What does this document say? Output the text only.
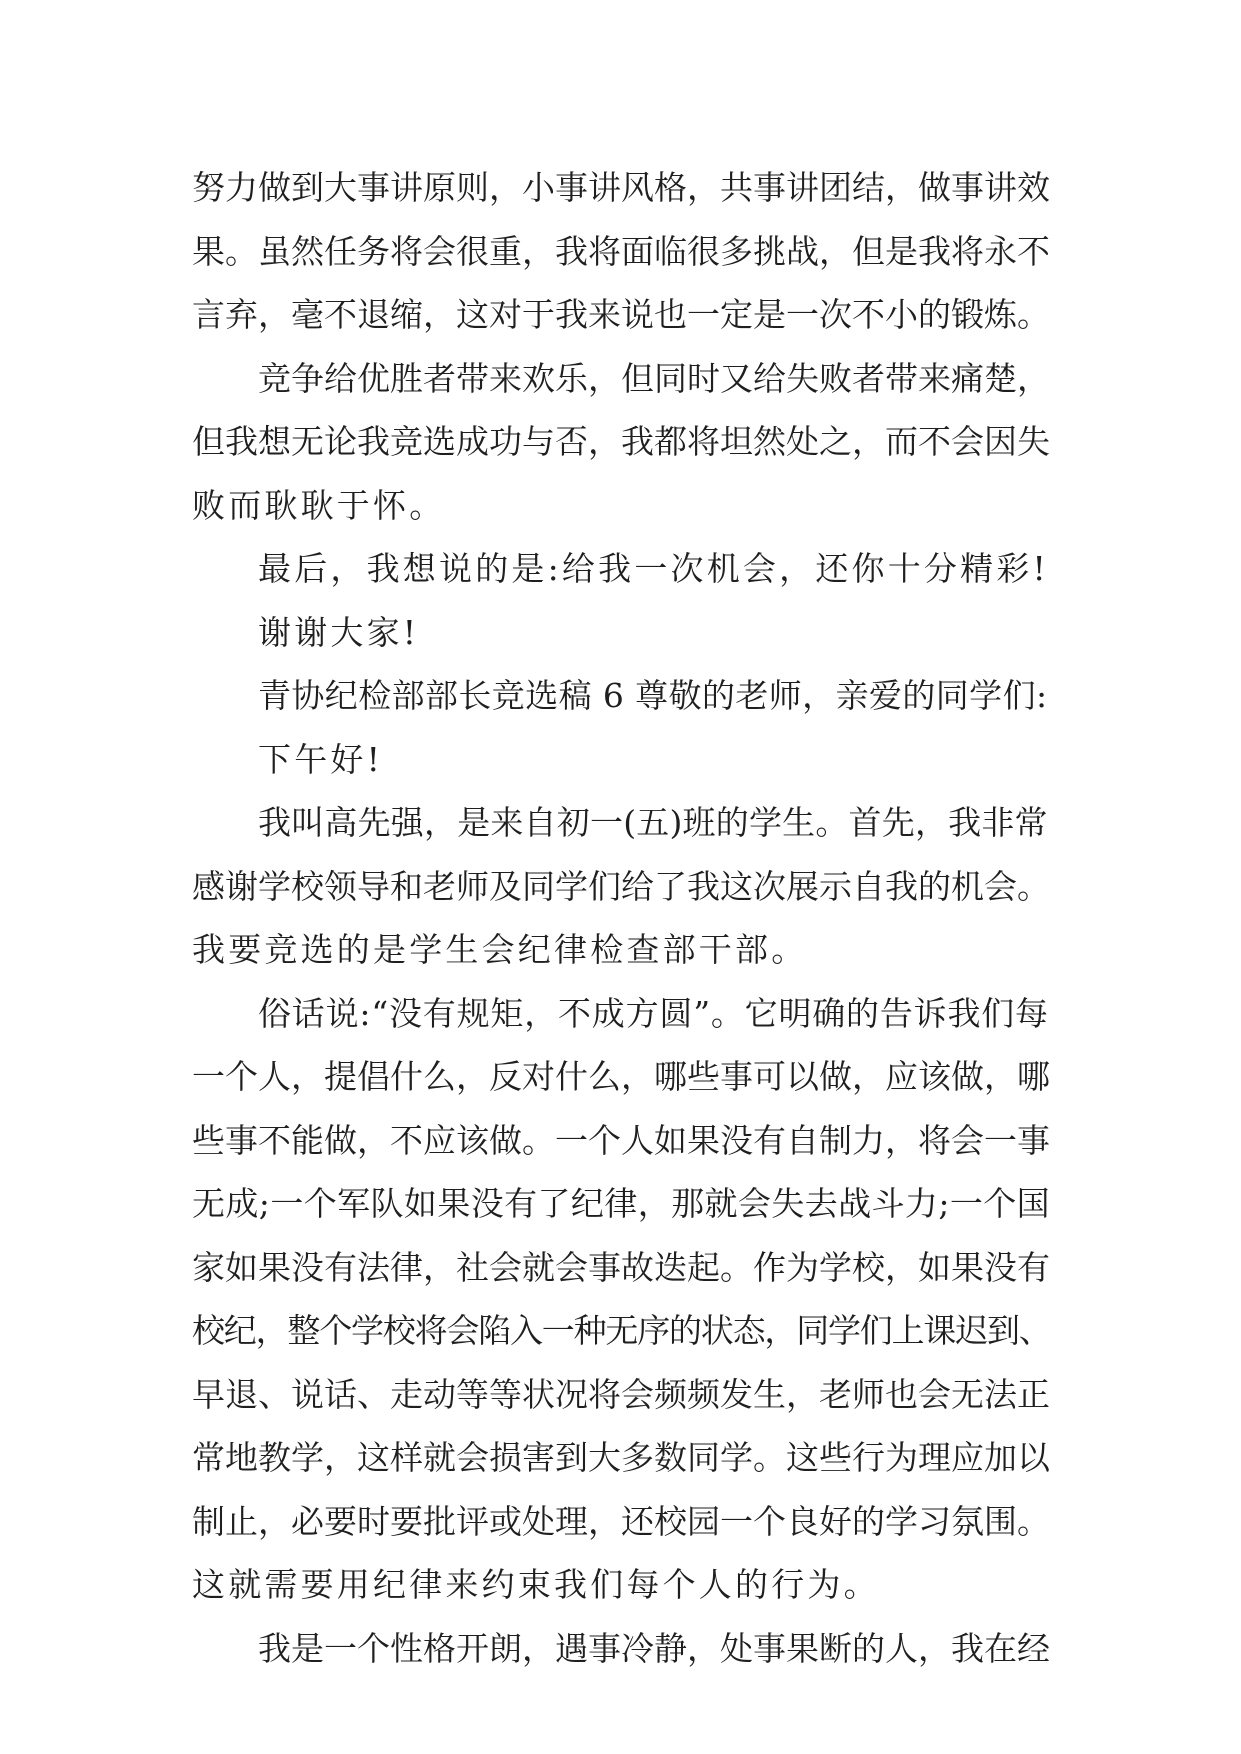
努力做到大事讲原则，小事讲风格，共事讲团结，做事讲效
果。虽然任务将会很重，我将面临很多挑战，但是我将永不
言弃，毫不退缩，这对于我来说也一定是一次不小的锻炼。
竞争给优胜者带来欢乐，但同时又给失败者带来痛楚，
但我想无论我竞选成功与否，我都将坦然处之，而不会因失
败而耿耿于怀。
最后，我想说的是:给我一次机会，还你十分精彩!
谢谢大家!
青协纪检部部长竞选稿 6 尊敬的老师，亲爱的同学们:
下午好!
我叫高先强，是来自初一(五)班的学生。首先，我非常
感谢学校领导和老师及同学们给了我这次展示自我的机会。
我要竞选的是学生会纪律检查部干部。
俗话说:“没有规矩，不成方圆”。它明确的告诉我们每
一个人，提倡什么，反对什么，哪些事可以做，应该做，哪
些事不能做，不应该做。一个人如果没有自制力，将会一事
无成;一个军队如果没有了纪律，那就会失去战斗力;一个国
家如果没有法律，社会就会事故迭起。作为学校，如果没有
校纪，整个学校将会陷入一种无序的状态，同学们上课迟到、
早退、说话、走动等等状况将会频频发生，老师也会无法正
常地教学，这样就会损害到大多数同学。这些行为理应加以
制止，必要时要批评或处理，还校园一个良好的学习氛围。
这就需要用纪律来约束我们每个人的行为。
我是一个性格开朗，遇事冷静，处事果断的人，我在经
